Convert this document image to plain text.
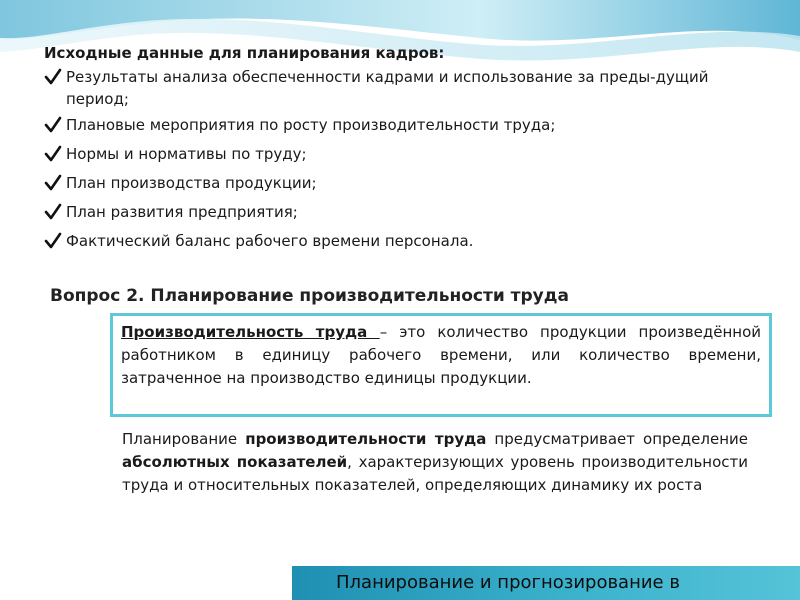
Исходные данные для планирования кадров:
Результаты анализа обеспеченности кадрами и использование за преды-дущий период;
Плановые мероприятия по росту производительности труда;
Нормы и нормативы по труду;
План производства продукции;
План развития предприятия;
Фактический баланс рабочего времени персонала.
Вопрос 2. Планирование производительности труда

Производительность труда – это количество продукции произведённой работником в единицу рабочего времени, или количество времени, затраченное на производство единицы продукции.

Планирование производительности труда предусматривает определение абсолютных показателей, характеризующих уровень производительности труда и относительных показателей, определяющих динамику их роста

Планирование и прогнозирование в
